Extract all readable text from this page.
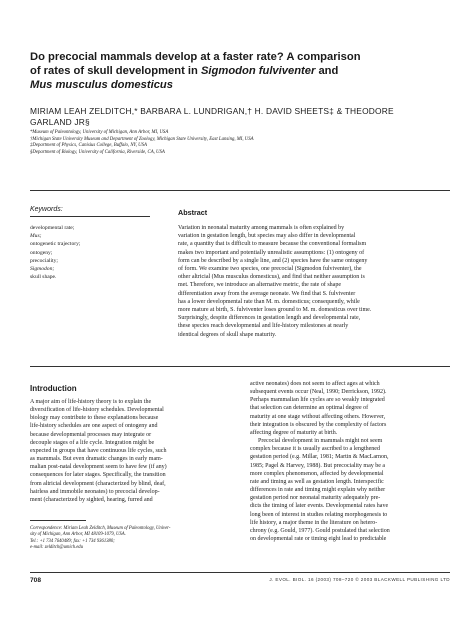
Do precocial mammals develop at a faster rate? A comparison
of rates of skull development in Sigmodon fulviventer and
Mus musculus domesticus
MIRIAM LEAH ZELDITCH,* BARBARA L. LUNDRIGAN,† H. DAVID SHEETS‡ & THEODORE
GARLAND JR§
*Museum of Paleontology, University of Michigan, Ann Arbor, MI, USA
†Michigan State University Museum and Department of Zoology, Michigan State University, East Lansing, MI, USA
‡Department of Physics, Canisius College, Buffalo, NY, USA
§Department of Biology, University of California, Riverside, CA, USA
Keywords:
developmental rate;
Mus;
ontogenetic trajectory;
ontogeny;
precociality;
Sigmodon;
skull shape.
Abstract
Variation in neonatal maturity among mammals is often explained by
variation in gestation length, but species may also differ in developmental
rate, a quantity that is difficult to measure because the conventional formalism
makes two important and potentially unrealistic assumptions: (1) ontogeny of
form can be described by a single line, and (2) species have the same ontogeny
of form. We examine two species, one precocial (Sigmodon fulviventer), the
other altricial (Mus musculus domesticus), and find that neither assumption is
met. Therefore, we introduce an alternative metric, the rate of shape
differentiation away from the average neonate. We find that S. fulviventer
has a lower developmental rate than M. m. domesticus; consequently, while
more mature at birth, S. fulviventer loses ground to M. m. domesticus over time.
Surprisingly, despite differences in gestation length and developmental rate,
these species reach developmental and life-history milestones at nearly
identical degrees of skull shape maturity.
Introduction
A major aim of life-history theory is to explain the
diversification of life-history schedules. Developmental
biology may contribute to these explanations because
life-history schedules are one aspect of ontogeny and
because developmental processes may integrate or
decouple stages of a life cycle. Integration might be
expected in groups that have continuous life cycles, such
as mammals. But even dramatic changes in early mam-
malian post-natal development seem to have few (if any)
consequences for later stages. Specifically, the transition
from altricial development (characterized by blind, deaf,
hairless and immobile neonates) to precocial develop-
ment (characterized by sighted, hearing, furred and
Correspondence: Miriam Leah Zelditch, Museum of Paleontology, Univer-
sity of Michigan, Ann Arbor, MI 48109-1079, USA.
Tel.: +1 734 7640489; fax: +1 734 9361380;
e-mail: zelditch@umich.edu
active neonates) does not seem to affect ages at which
subsequent events occur (Neal, 1990; Derrickson, 1992).
Perhaps mammalian life cycles are so weakly integrated
that selection can determine an optimal degree of
maturity at one stage without affecting others. However,
their integration is obscured by the complexity of factors
affecting degree of maturity at birth.
Precocial development in mammals might not seem
complex because it is usually ascribed to a lengthened
gestation period (e.g. Millar, 1981; Martin & MacLarnon,
1985; Pagel & Harvey, 1988). But precociality may be a
more complex phenomenon, affected by developmental
rate and timing as well as gestation length. Interspecific
differences in rate and timing might explain why neither
gestation period nor neonatal maturity adequately pre-
dicts the timing of later events. Developmental rates have
long been of interest in studies relating morphogenesis to
life history, a major theme in the literature on hetero-
chrony (e.g. Gould, 1977). Gould postulated that selection
on developmental rate or timing eight lead to predictable
708	J. EVOL. BIOL. 16 (2003) 708–720 © 2003 BLACKWELL PUBLISHING LTD
